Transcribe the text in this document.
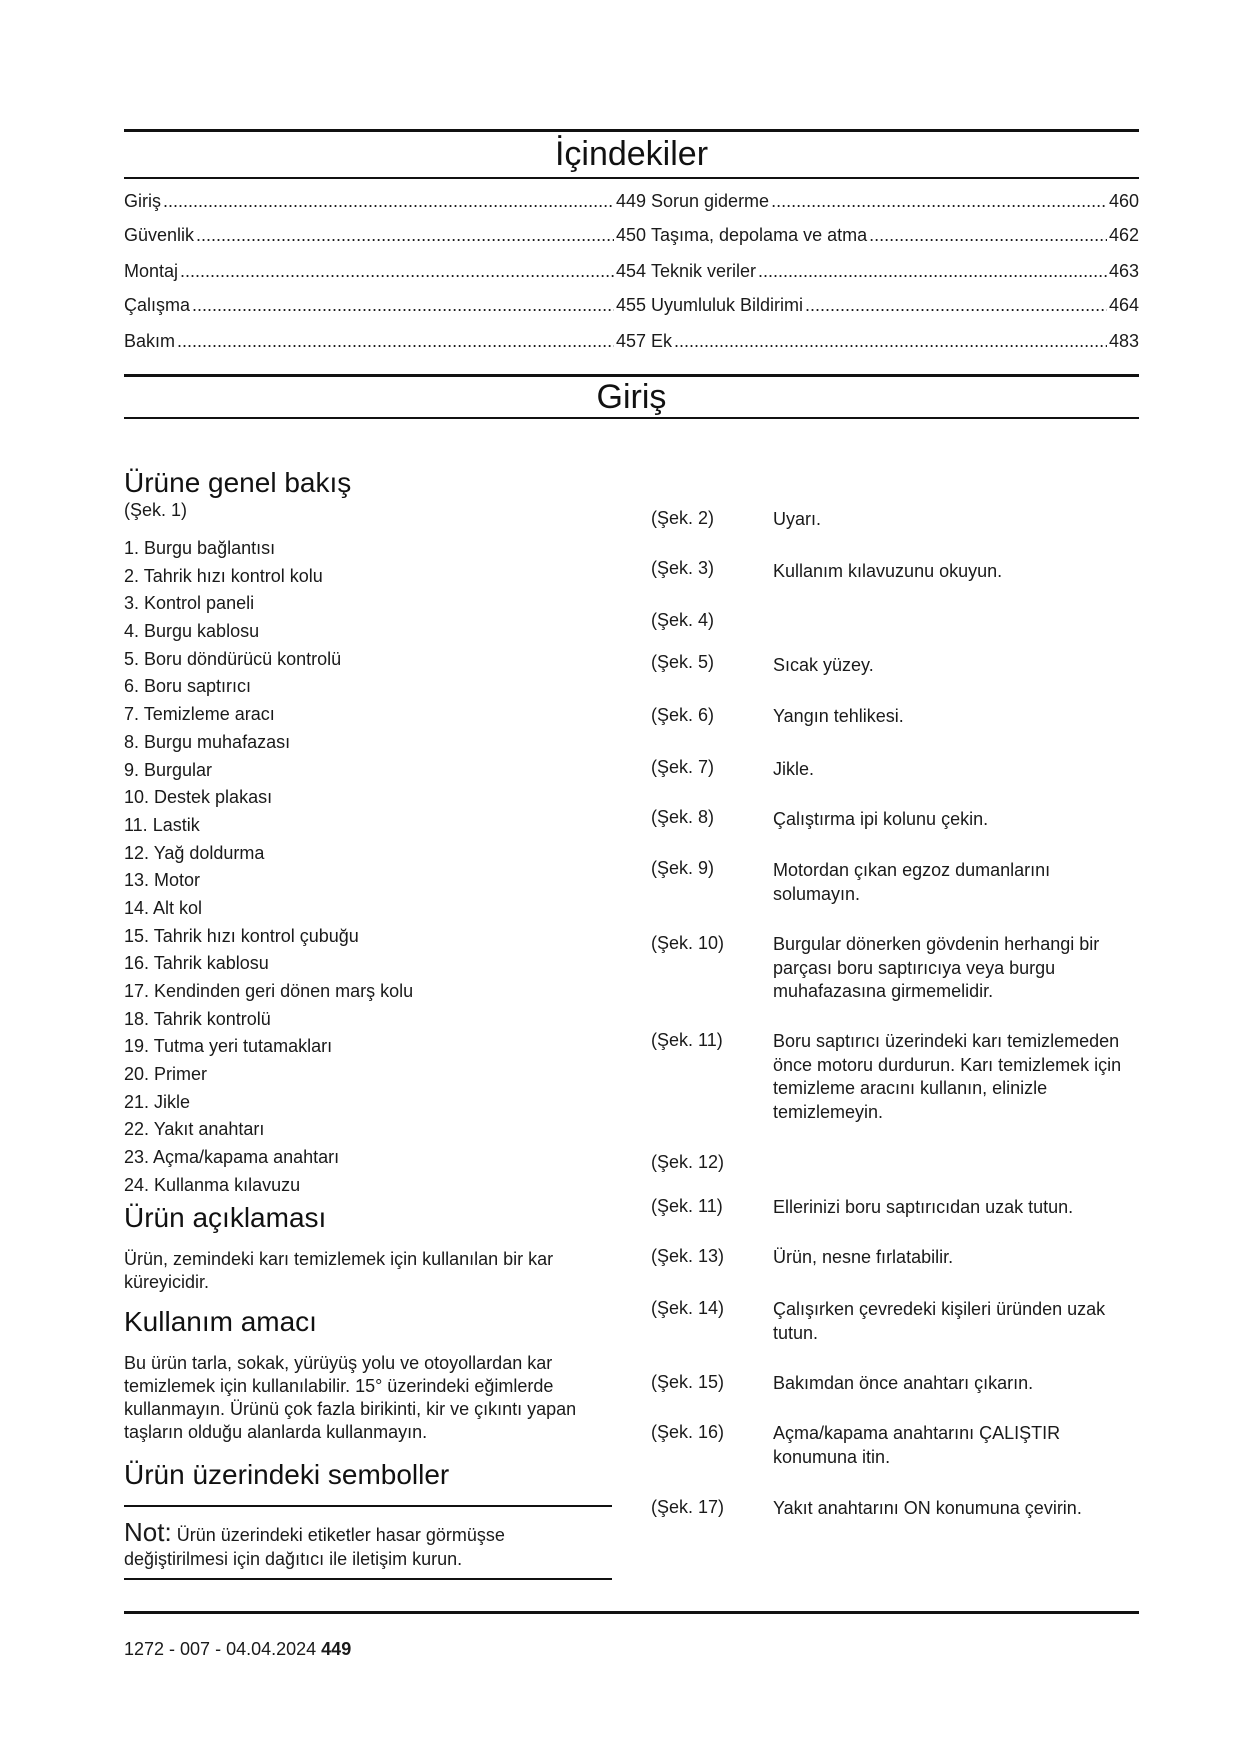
İçindekiler
Giriş .....	449
Güvenlik .....	450
Montaj .....	454
Çalışma .....	455
Bakım .....	457
Sorun giderme .....	460
Taşıma, depolama ve atma .....	462
Teknik veriler .....	463
Uyumluluk Bildirimi .....	464
Ek .....	483
Giriş
Ürüne genel bakış
(Şek. 1)
1. Burgu bağlantısı
2. Tahrik hızı kontrol kolu
3. Kontrol paneli
4. Burgu kablosu
5. Boru döndürücü kontrolü
6. Boru saptırıcı
7. Temizleme aracı
8. Burgu muhafazası
9. Burgular
10. Destek plakası
11. Lastik
12. Yağ doldurma
13. Motor
14. Alt kol
15. Tahrik hızı kontrol çubuğu
16. Tahrik kablosu
17. Kendinden geri dönen marş kolu
18. Tahrik kontrolü
19. Tutma yeri tutamakları
20. Primer
21. Jikle
22. Yakıt anahtarı
23. Açma/kapama anahtarı
24. Kullanma kılavuzu
Ürün açıklaması
Ürün, zemindeki karı temizlemek için kullanılan bir kar küreyicidir.
Kullanım amacı
Bu ürün tarla, sokak, yürüyüş yolu ve otoyollardan kar temizlemek için kullanılabilir. 15° üzerindeki eğimlerde kullanmayın. Ürünü çok fazla birikinti, kir ve çıkıntı yapan taşların olduğu alanlarda kullanmayın.
Ürün üzerindeki semboller
Not: Ürün üzerindeki etiketler hasar görmüşse değiştirilmesi için dağıtıcı ile iletişim kurun.
(Şek. 2)	Uyarı.
(Şek. 3)	Kullanım kılavuzunu okuyun.
(Şek. 4)
(Şek. 5)	Sıcak yüzey.
(Şek. 6)	Yangın tehlikesi.
(Şek. 7)	Jikle.
(Şek. 8)	Çalıştırma ipi kolunu çekin.
(Şek. 9)	Motordan çıkan egzoz dumanlarını solumayın.
(Şek. 10)	Burgular dönerken gövdenin herhangi bir parçası boru saptırıcıya veya burgu muhafazasına girmemelidir.
(Şek. 11)	Boru saptırıcı üzerindeki karı temizlemeden önce motoru durdurun. Karı temizlemek için temizleme aracını kullanın, elinizle temizlemeyin.
(Şek. 12)
(Şek. 11)	Ellerinizi boru saptırıcıdan uzak tutun.
(Şek. 13)	Ürün, nesne fırlatabilir.
(Şek. 14)	Çalışırken çevredeki kişileri üründen uzak tutun.
(Şek. 15)	Bakımdan önce anahtarı çıkarın.
(Şek. 16)	Açma/kapama anahtarını ÇALIŞTIR konumuna itin.
(Şek. 17)	Yakıt anahtarını ON konumuna çevirin.
1272 - 007 - 04.04.2024 449
